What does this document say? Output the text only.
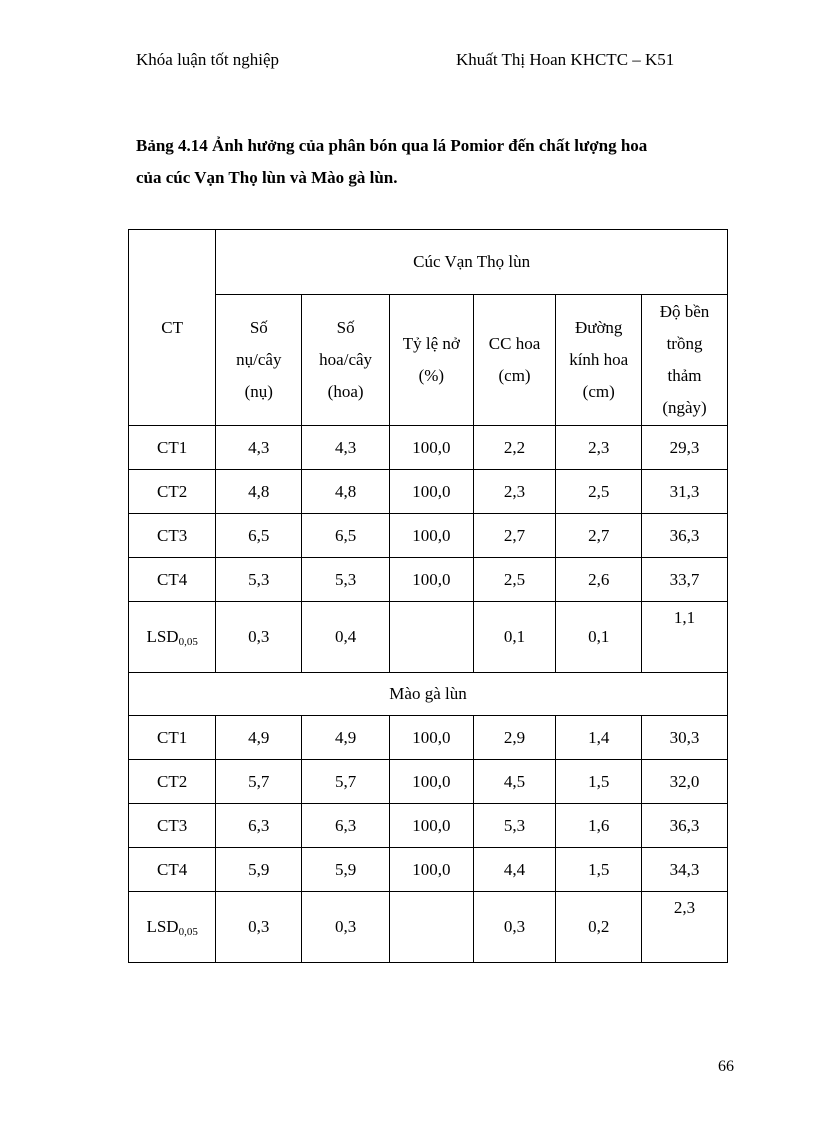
Khóa luận tốt nghiệp	Khuất Thị Hoan KHCTC – K51
Bảng 4.14 Ảnh hưởng của phân bón qua lá Pomior đến chất lượng hoa
của cúc Vạn Thọ lùn và Mào gà lùn.
CT	Cúc Vạn Thọ lùn					

	Số
nụ/cây
(nụ)	Số
hoa/cây
(hoa)	Tỷ lệ nở
(%)	CC hoa
(cm)	Đường
kính hoa
(cm)	Độ bền
trồng
thảm
(ngày)

CT1	4,3	4,3	100,0	2,2	2,3	29,3
CT2	4,8	4,8	100,0	2,3	2,5	31,3
CT3	6,5	6,5	100,0	2,7	2,7	36,3
CT4	5,3	5,3	100,0	2,5	2,6	33,7
$LSD_{0,05}$	0,3	0,4		0,1	0,1	1,1
Mào gà lùn						
CT1	4,9	4,9	100,0	2,9	1,4	30,3
CT2	5,7	5,7	100,0	4,5	1,5	32,0
CT3	6,3	6,3	100,0	5,3	1,6	36,3
CT4	5,9	5,9	100,0	4,4	1,5	34,3
$LSD_{0,05}$	0,3	0,3		0,3	0,2	2,3
66
